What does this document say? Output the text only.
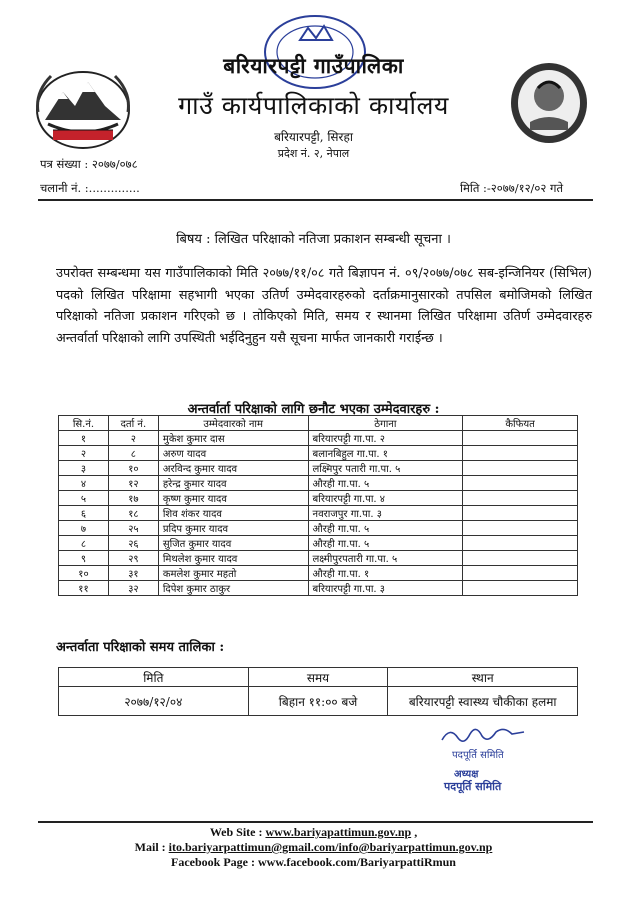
बरियारपट्टी गाउँपालिका
गाउँ कार्यपालिकाको कार्यालय
बरियारपट्टी, सिरहा
प्रदेश नं. २, नेपाल
पत्र संख्या : २०७७/०७८
चलानी नं. :..............	मिति :-२०७७/१२/०२ गते
बिषय : लिखित परिक्षाको नतिजा प्रकाशन सम्बन्धी सूचना ।
उपरोक्त सम्बन्धमा यस गाउँपालिकाको मिति २०७७/११/०८ गते बिज्ञापन नं. ०९/२०७७/०७८ सब-इन्जिनियर (सिभिल) पदको लिखित परिक्षामा सहभागी भएका उतिर्ण उम्मेदवारहरुको दर्ताक्रमानुसारको तपसिल बमोजिमको लिखित परिक्षाको नतिजा प्रकाशन गरिएको छ । तोकिएको मिति, समय र स्थानमा लिखित परिक्षामा उतिर्ण उम्मेदवारहरु अन्तर्वार्ता परिक्षाको लागि उपस्थिती भईदिनुहुन यसै सूचना मार्फत जानकारी गराईन्छ ।
अन्तर्वार्ता परिक्षाको लागि छनौट भएका उम्मेदवारहरु :
सि.नं.	दर्ता नं.	उम्मेदवारको नाम	ठेगाना	कैफियत
१	२	मुकेश कुमार दास	बरियारपट्टी गा.पा. २	
२	८	अरुण यादव	बलानबिहुल गा.पा. १	
३	१०	अरविन्द कुमार यादव	लक्ष्मिपुर पतारी गा.पा. ५	
४	१२	हरेन्द्र कुमार यादव	औरही गा.पा. ५	
५	१७	कृष्ण कुमार यादव	बरियारपट्टी गा.पा. ४	
६	१८	शिव शंकर यादव	नवराजपुर गा.पा. ३	
७	२५	प्रदिप कुमार यादव	औरही गा.पा. ५	
८	२६	सुजित कुमार यादव	औरही गा.पा. ५	
९	२९	मिथलेश कुमार यादव	लक्ष्मीपुरपतारी गा.पा. ५	
१०	३१	कमलेश कुमार महतो	औरही गा.पा. १	
११	३२	दिपेश कुमार ठाकुर	बरियारपट्टी गा.पा. ३	
अन्तर्वाता परिक्षाको समय तालिका :
मिति	समय	स्थान
२०७७/१२/०४	बिहान ११:०० बजे	बरियारपट्टी स्वास्थ्य चौकीका हलमा
पदपूर्ति समिति
अध्यक्ष
पदपूर्ति समिति
Web Site : www.bariyapattimun.gov.np ,
Mail : ito.bariyarpattimun@gmail.com/info@bariyarpattimun.gov.np
Facebook Page : www.facebook.com/BariyarpattiRmun
